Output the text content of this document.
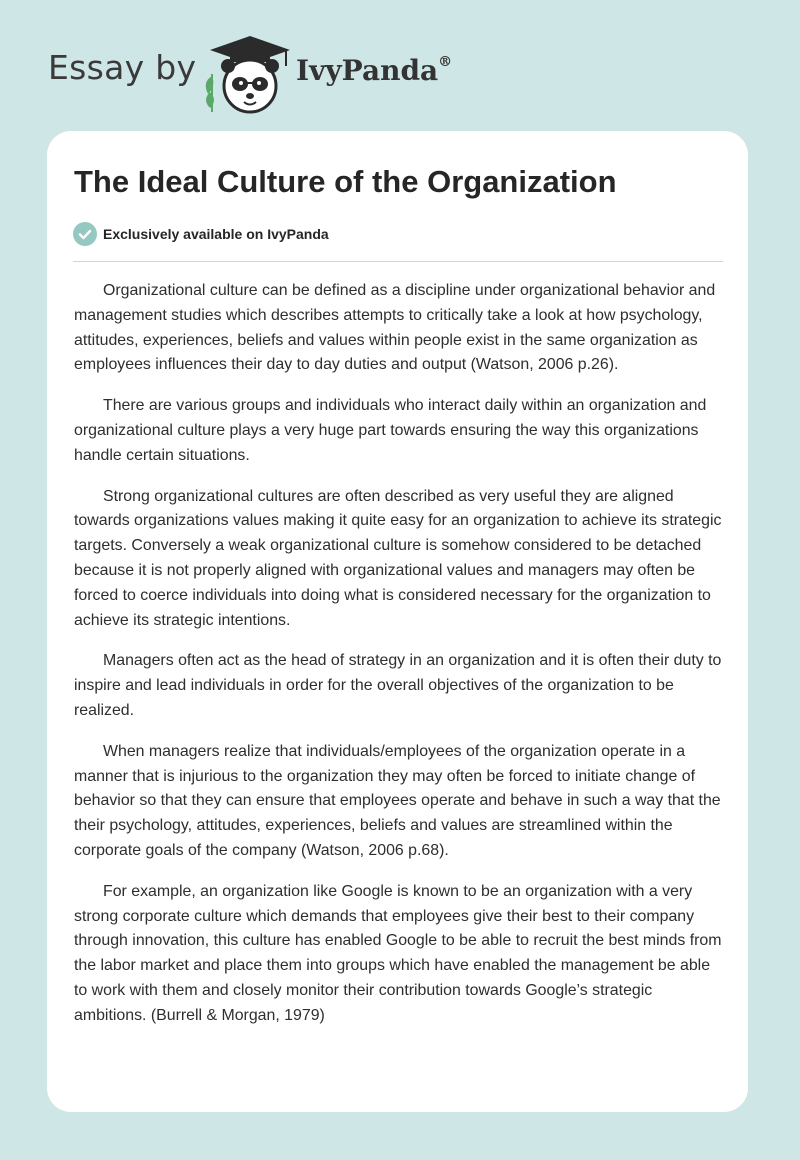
Essay by	IvyPanda®
The Ideal Culture of the Organization
Exclusively available on IvyPanda

Organizational culture can be defined as a discipline under organizational behavior and management studies which describes attempts to critically take a look at how psychology, attitudes, experiences, beliefs and values within people exist in the same organization as employees influences their day to day duties and output (Watson, 2006 p.26).

There are various groups and individuals who interact daily within an organization and organizational culture plays a very huge part towards ensuring the way this organizations handle certain situations.

Strong organizational cultures are often described as very useful they are aligned towards organizations values making it quite easy for an organization to achieve its strategic targets. Conversely a weak organizational culture is somehow considered to be detached because it is not properly aligned with organizational values and managers may often be forced to coerce individuals into doing what is considered necessary for the organization to achieve its strategic intentions.

Managers often act as the head of strategy in an organization and it is often their duty to inspire and lead individuals in order for the overall objectives of the organization to be realized.

When managers realize that individuals/employees of the organization operate in a manner that is injurious to the organization they may often be forced to initiate change of behavior so that they can ensure that employees operate and behave in such a way that the their psychology, attitudes, experiences, beliefs and values are streamlined within the corporate goals of the company (Watson, 2006 p.68).

For example, an organization like Google is known to be an organization with a very strong corporate culture which demands that employees give their best to their company through innovation, this culture has enabled Google to be able to recruit the best minds from the labor market and place them into groups which have enabled the management be able to work with them and closely monitor their contribution towards Google’s strategic ambitions. (Burrell & Morgan, 1979)
